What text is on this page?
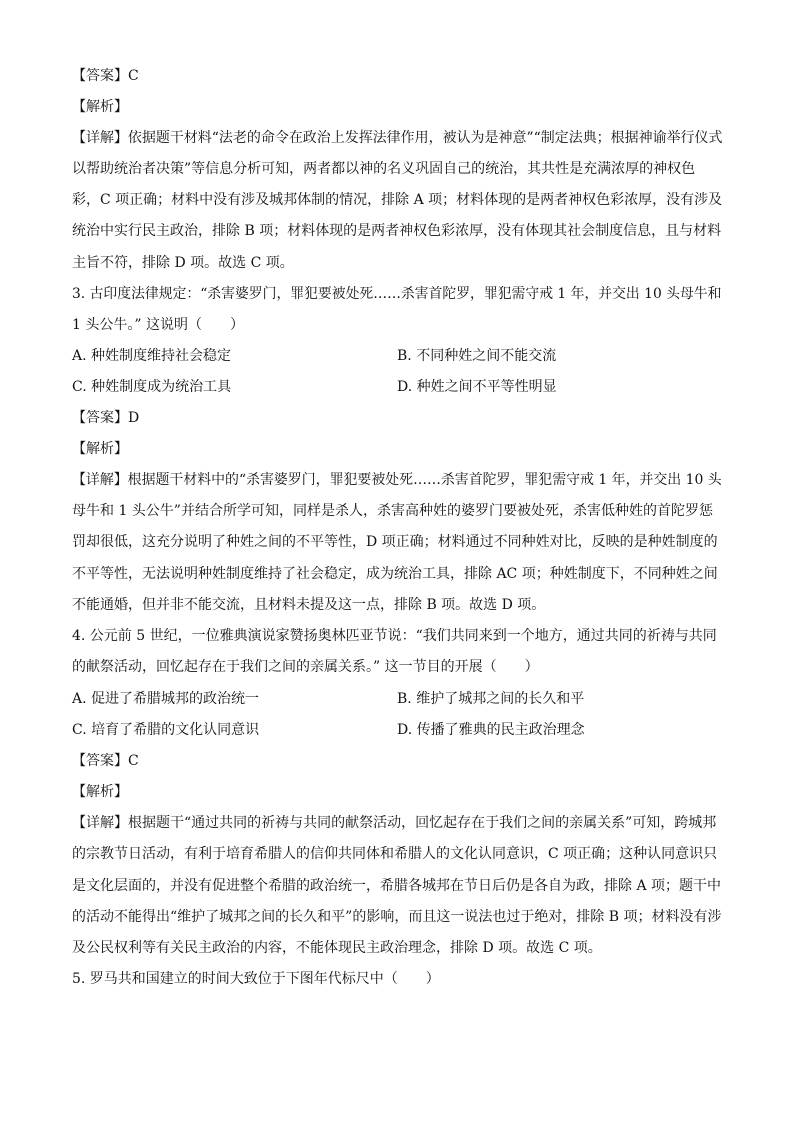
【答案】C
【解析】
【详解】依据题干材料“法老的命令在政治上发挥法律作用，被认为是神意”“制定法典；根据神谕举行仪式
以帮助统治者决策”等信息分析可知，两者都以神的名义巩固自己的统治，其共性是充满浓厚的神权色
彩，C 项正确；材料中没有涉及城邦体制的情况，排除 A 项；材料体现的是两者神权色彩浓厚，没有涉及
统治中实行民主政治，排除 B 项；材料体现的是两者神权色彩浓厚，没有体现其社会制度信息，且与材料
主旨不符，排除 D 项。故选 C 项。
3. 古印度法律规定：“杀害婆罗门，罪犯要被处死……杀害首陀罗，罪犯需守戒 1 年，并交出 10 头母牛和
1 头公牛。” 这说明（　　）
A. 种姓制度维持社会稳定	B. 不同种姓之间不能交流
C. 种姓制度成为统治工具	D. 种姓之间不平等性明显
【答案】D
【解析】
【详解】根据题干材料中的“杀害婆罗门，罪犯要被处死……杀害首陀罗，罪犯需守戒 1 年，并交出 10 头
母牛和 1 头公牛”并结合所学可知，同样是杀人，杀害高种姓的婆罗门要被处死，杀害低种姓的首陀罗惩
罚却很低，这充分说明了种姓之间的不平等性，D 项正确；材料通过不同种姓对比，反映的是种姓制度的
不平等性，无法说明种姓制度维持了社会稳定，成为统治工具，排除 AC 项；种姓制度下，不同种姓之间
不能通婚，但并非不能交流，且材料未提及这一点，排除 B 项。故选 D 项。
4. 公元前 5 世纪，一位雅典演说家赞扬奥林匹亚节说：“我们共同来到一个地方，通过共同的祈祷与共同
的献祭活动，回忆起存在于我们之间的亲属关系。” 这一节目的开展（　　）
A. 促进了希腊城邦的政治统一	B. 维护了城邦之间的长久和平
C. 培育了希腊的文化认同意识	D. 传播了雅典的民主政治理念
【答案】C
【解析】
【详解】根据题干“通过共同的祈祷与共同的献祭活动，回忆起存在于我们之间的亲属关系”可知，跨城邦
的宗教节日活动，有利于培育希腊人的信仰共同体和希腊人的文化认同意识，C 项正确；这种认同意识只
是文化层面的，并没有促进整个希腊的政治统一，希腊各城邦在节日后仍是各自为政，排除 A 项；题干中
的活动不能得出“维护了城邦之间的长久和平”的影响，而且这一说法也过于绝对，排除 B 项；材料没有涉
及公民权利等有关民主政治的内容，不能体现民主政治理念，排除 D 项。故选 C 项。
5. 罗马共和国建立的时间大致位于下图年代标尺中（　　）
